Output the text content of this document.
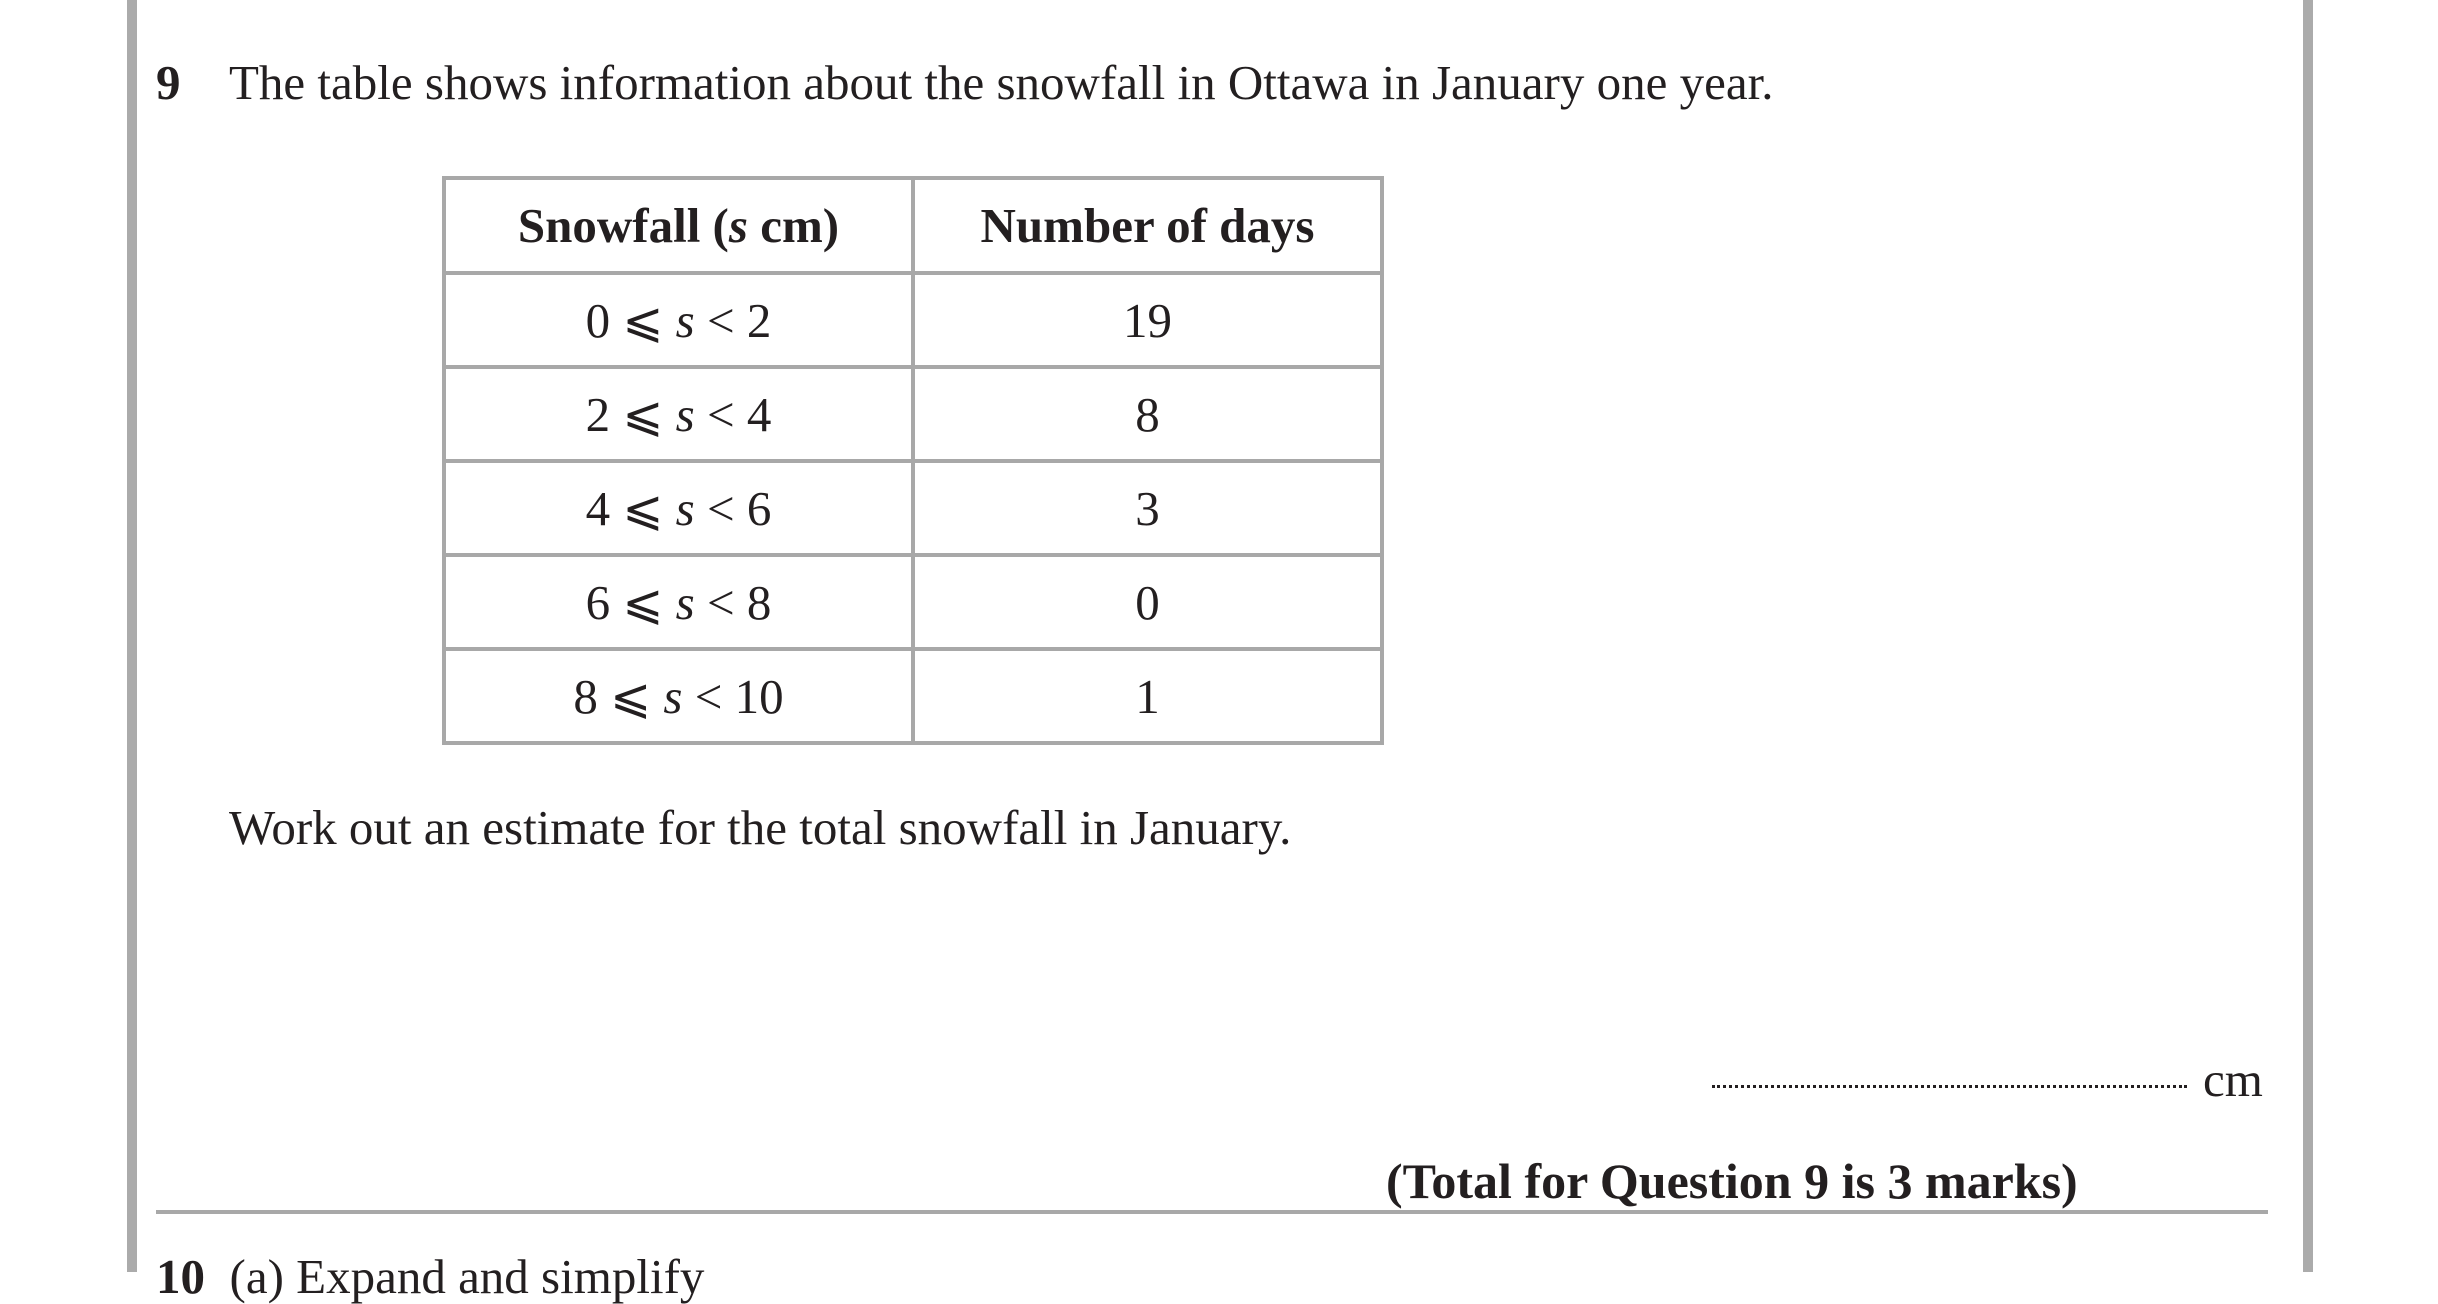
9 The table shows information about the snowfall in Ottawa in January one year.
Snowfall (s cm)	Number of days
0 ⩽ s < 2	19
2 ⩽ s < 4	8
4 ⩽ s < 6	3
6 ⩽ s < 8	0
8 ⩽ s < 10	1
Work out an estimate for the total snowfall in January.
cm
(Total for Question 9 is 3 marks)
10 (a) Expand and simplify
